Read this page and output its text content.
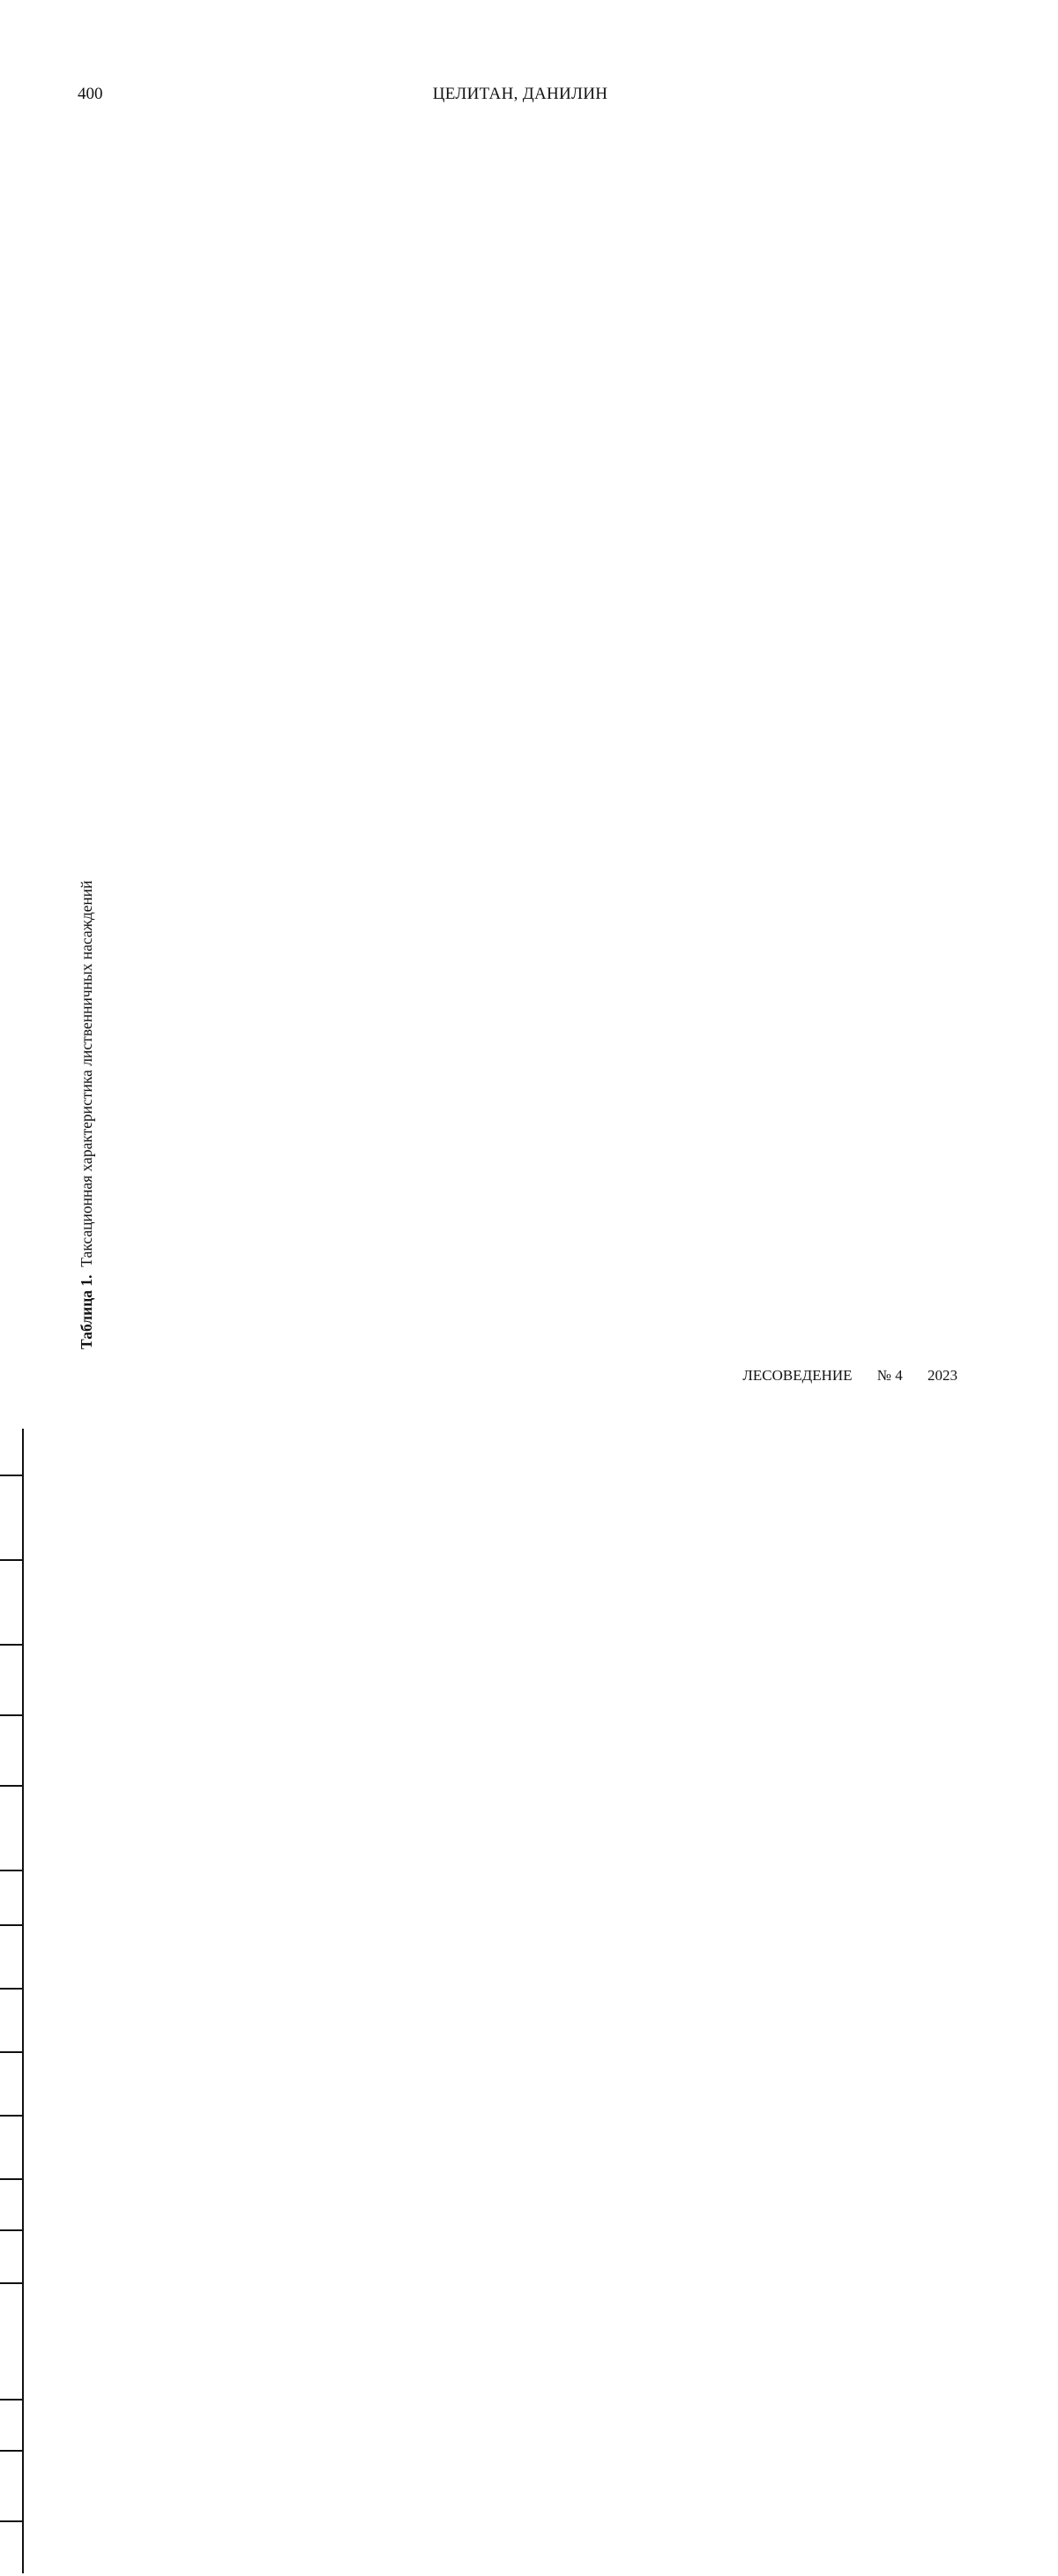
400	ЦЕЛИТАН, ДАНИЛИН
Таблица 1.  Таксационная характеристика лиственничных насаждений
ЛЕСОВЕДЕНИЕ № 4 2023
